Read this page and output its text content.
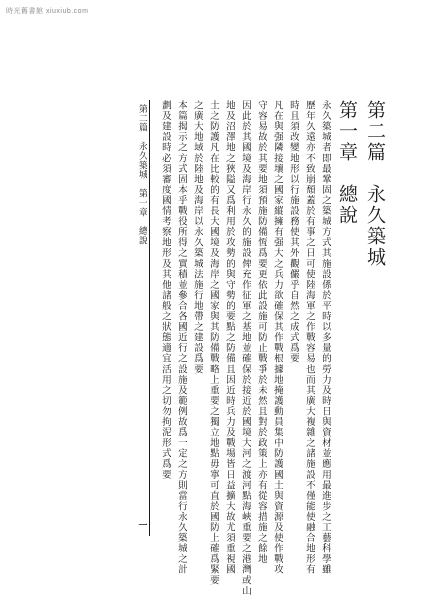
時光舊書館 xiuxiub.com
第二篇　永久築城
第一章　總說
永久築城者即最鞏固之築城方式其施設係於平時以多量的勞力及時日與資材並應用最進步之工藝科學雖
歷年久遠亦不致崩頹蓋於有事之日可使陸海軍之作戰容易也而其廣大複雜之諸施設不僅能使融合地形有
時且須改變地形以行施設務使其外觀儼乎自然之成式爲要
凡在與强隣接壤之國家縱擁有强大之兵力欲確保其作戰根據地掩護動員集中防護國土與資源及使作戰攻
守容易故於其要地須預施防備恆爲要更依此設施可防止戰爭於未然且對於政策上亦有從容措施之餘地
因此於其國境及海岸行永久的施設俾充作征軍之基地並確保於接近於國境大河之渡河點海峽重要之港灣或山
地及沼澤地之狹隘又爲利用於攻勢的與守勢的要點之防備且因近時兵力及戰場皆日益擴大故尤須重視國
土之防護凡在比較的有長大國境及海岸之國家與其防備戰略上重要之獨立地點毋寧可直於國防上確爲緊要
之廣大地域於陸地及海岸以永久築城法施行地帶之建設爲要
本篇揭示之方式固本乎戰役所得之實積並參合各國近行之設施及範例故爲一定之方則當行永久築城之計
劃及建設時必須審度國情考察地形及其他諸般之狀態適宜活用之切勿拘泥形式爲要
第二篇　永久築城　第一章　總說
一
